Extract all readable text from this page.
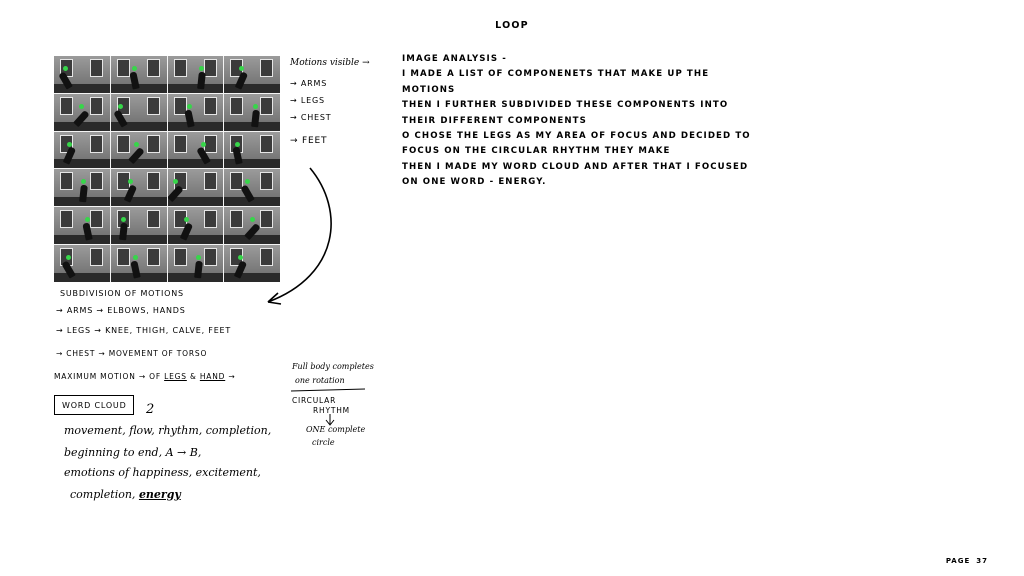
LOOP
IMAGE ANALYSIS -
I MADE A LIST OF COMPONENETS THAT MAKE UP THE
MOTIONS
THEN I FURTHER SUBDIVIDED THESE COMPONENTS INTO
THEIR DIFFERENT COMPONENTS
O CHOSE THE LEGS AS MY AREA OF FOCUS AND DECIDED TO
FOCUS ON THE CIRCULAR RHYTHM THEY MAKE
THEN I MADE MY WORD CLOUD AND AFTER THAT I FOCUSED
ON ONE WORD - ENERGY.
Motions visible →
→ ARMS
→ LEGS
→ CHEST
→ FEET
SUBDIVISION OF MOTIONS
→ ARMS → ELBOWS, HANDS
→ LEGS → KNEE, THIGH, CALVE, FEET
→ CHEST → MOVEMENT OF TORSO
MAXIMUM MOTION → OF LEGS & HAND →
Full body completes
one rotation
CIRCULAR
RHYTHM
ONE complete
circle
WORD CLOUD 2
movement, flow, rhythm, completion,
beginning to end, A → B,
emotions of happiness, excitement,
completion, energy
PAGE 37
